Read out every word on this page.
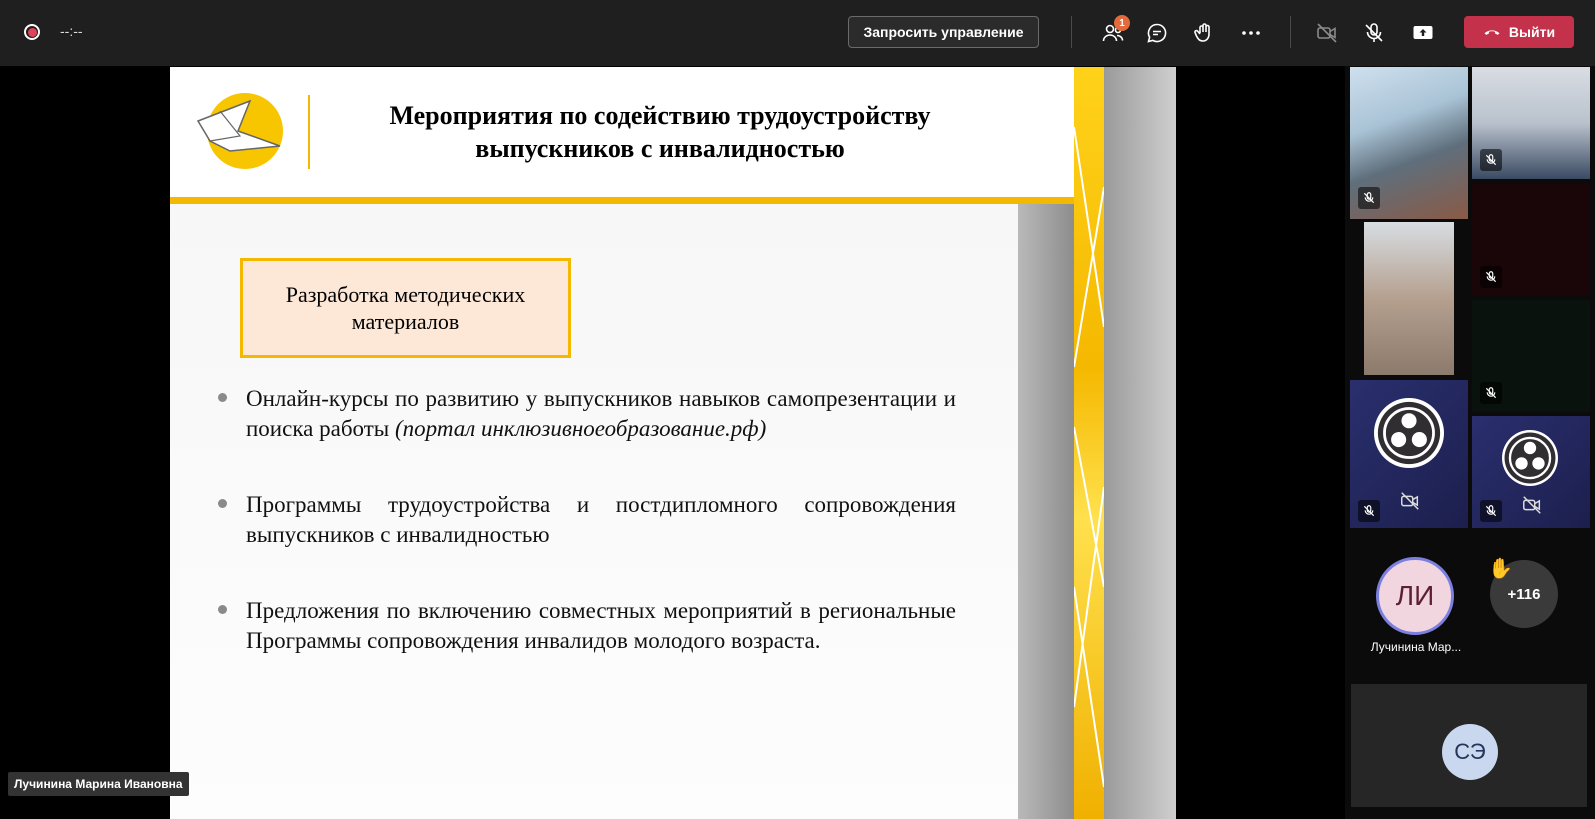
--:--	Запросить управление
1
Выйти
Мероприятия по содействию трудоустройству
выпускников с инвалидностью
Разработка методических материалов
Онлайн-курсы по развитию у выпускников навыков самопрезентации и поиска работы (портал инклюзивноеобразование.рф)
Программы трудоустройства и постдипломного сопровождения выпускников с инвалидностью
Предложения по включению совместных мероприятий в региональные Программы сопровождения инвалидов молодого возраста.
Лучинина Марина Ивановна
ЛИ
Лучинина Мар...
+116
✋
СЭ
